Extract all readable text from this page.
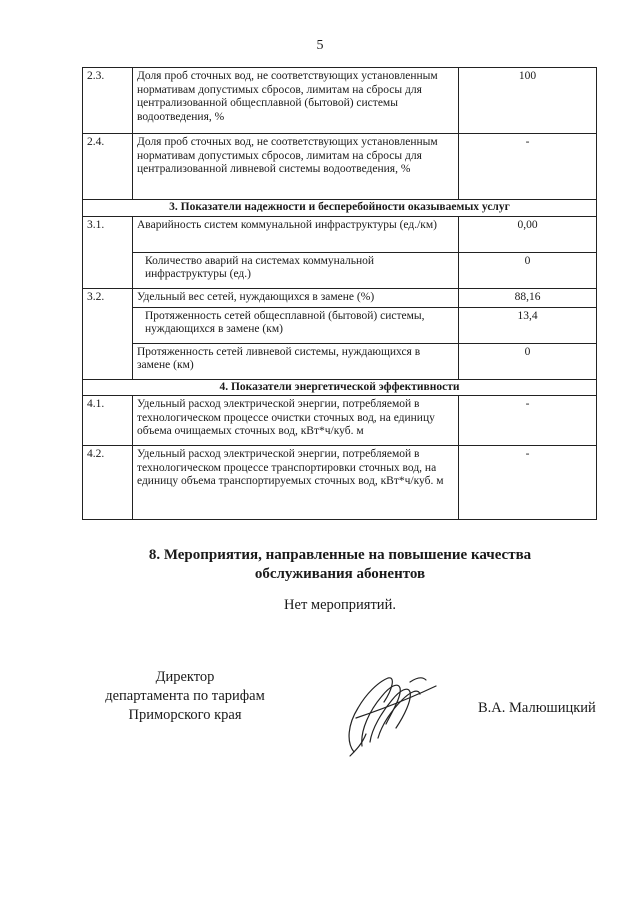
5
2.3.	Доля проб сточных вод, не соответствующих установленным нормативам допустимых сбросов, лимитам на сбросы для централизованной общесплавной (бытовой) системы водоотведения, %	100
2.4.	Доля проб сточных вод, не соответствующих установленным нормативам допустимых сбросов, лимитам на сбросы для централизованной ливневой системы водоотведения, %	-
3. Показатели надежности и бесперебойности оказываемых услуг		
3.1.	Аварийность систем коммунальной инфраструктуры (ед./км)	0,00
	Количество аварий на системах коммунальной инфраструктуры (ед.)	0
3.2.	Удельный вес сетей, нуждающихся в замене (%)	88,16
	Протяженность сетей общесплавной (бытовой) системы, нуждающихся в замене (км)	13,4
	Протяженность сетей ливневой системы, нуждающихся в замене (км)	0
4. Показатели энергетической эффективности		
4.1.	Удельный расход электрической энергии, потребляемой в технологическом процессе очистки сточных вод, на единицу объема очищаемых сточных вод, кВт*ч/куб. м	-
4.2.	Удельный расход электрической энергии, потребляемой в технологическом процессе транспортировки сточных вод, на единицу объема транспортируемых сточных вод, кВт*ч/куб. м	-
8. Мероприятия, направленные на повышение качества
обслуживания абонентов
Нет мероприятий.
Директор
департамента по тарифам
Приморского края	В.А. Малюшицкий
